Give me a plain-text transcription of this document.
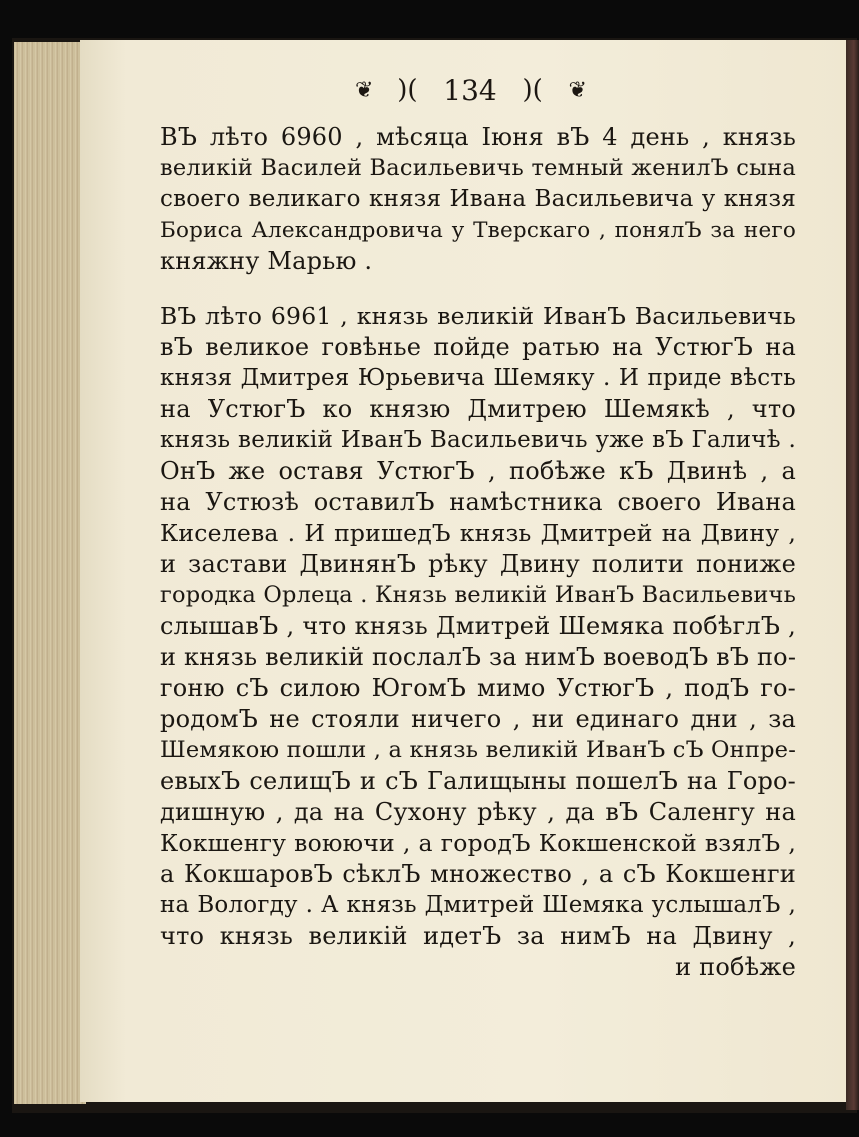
❦ )( 134 )( ❦
ВЪ лѣто 6960 , мѣсяца Іюня вЪ 4 день , князь
великій Василей Васильевичь темный женилЪ сына
своего великаго князя Ивана Васильевича у князя
Бориса Александровича у Тверскаго , понялЪ за него
княжну Марью .
ВЪ лѣто 6961 , князь великій ИванЪ Васильевичь
вЪ великое говѣнье пойде ратью на УстюгЪ на
князя Дмитрея Юрьевича Шемяку . И приде вѣсть
на УстюгЪ ко князю Дмитрею Шемякѣ , что
князь великій ИванЪ Васильевичь уже вЪ Галичѣ .
ОнЪ же оставя УстюгЪ , побѣже кЪ Двинѣ , а
на Устюзѣ оставилЪ намѣстника своего Ивана
Киселева . И пришедЪ князь Дмитрей на Двину ,
и застави ДвинянЪ рѣку Двину полити пониже
городка Орлеца . Князь великій ИванЪ Васильевичь
слышавЪ , что князь Дмитрей Шемяка побѣглЪ ,
и князь великій послалЪ за нимЪ воеводЪ вЪ по-
гоню сЪ силою ЮгомЪ мимо УстюгЪ , подЪ го-
родомЪ не стояли ничего , ни единаго дни , за
Шемякою пошли , а князь великій ИванЪ сЪ Онпре-
евыхЪ селищЪ и сЪ Галищыны пошелЪ на Горо-
дишную , да на Сухону рѣку , да вЪ Саленгу на
Кокшенгу воюючи , а городЪ Кокшенской взялЪ ,
а КокшаровЪ сѣклЪ множество , а сЪ Кокшенги
на Вологду . А князь Дмитрей Шемяка услышалЪ ,
что князь великій идетЪ за нимЪ на Двину ,
и побѣже
